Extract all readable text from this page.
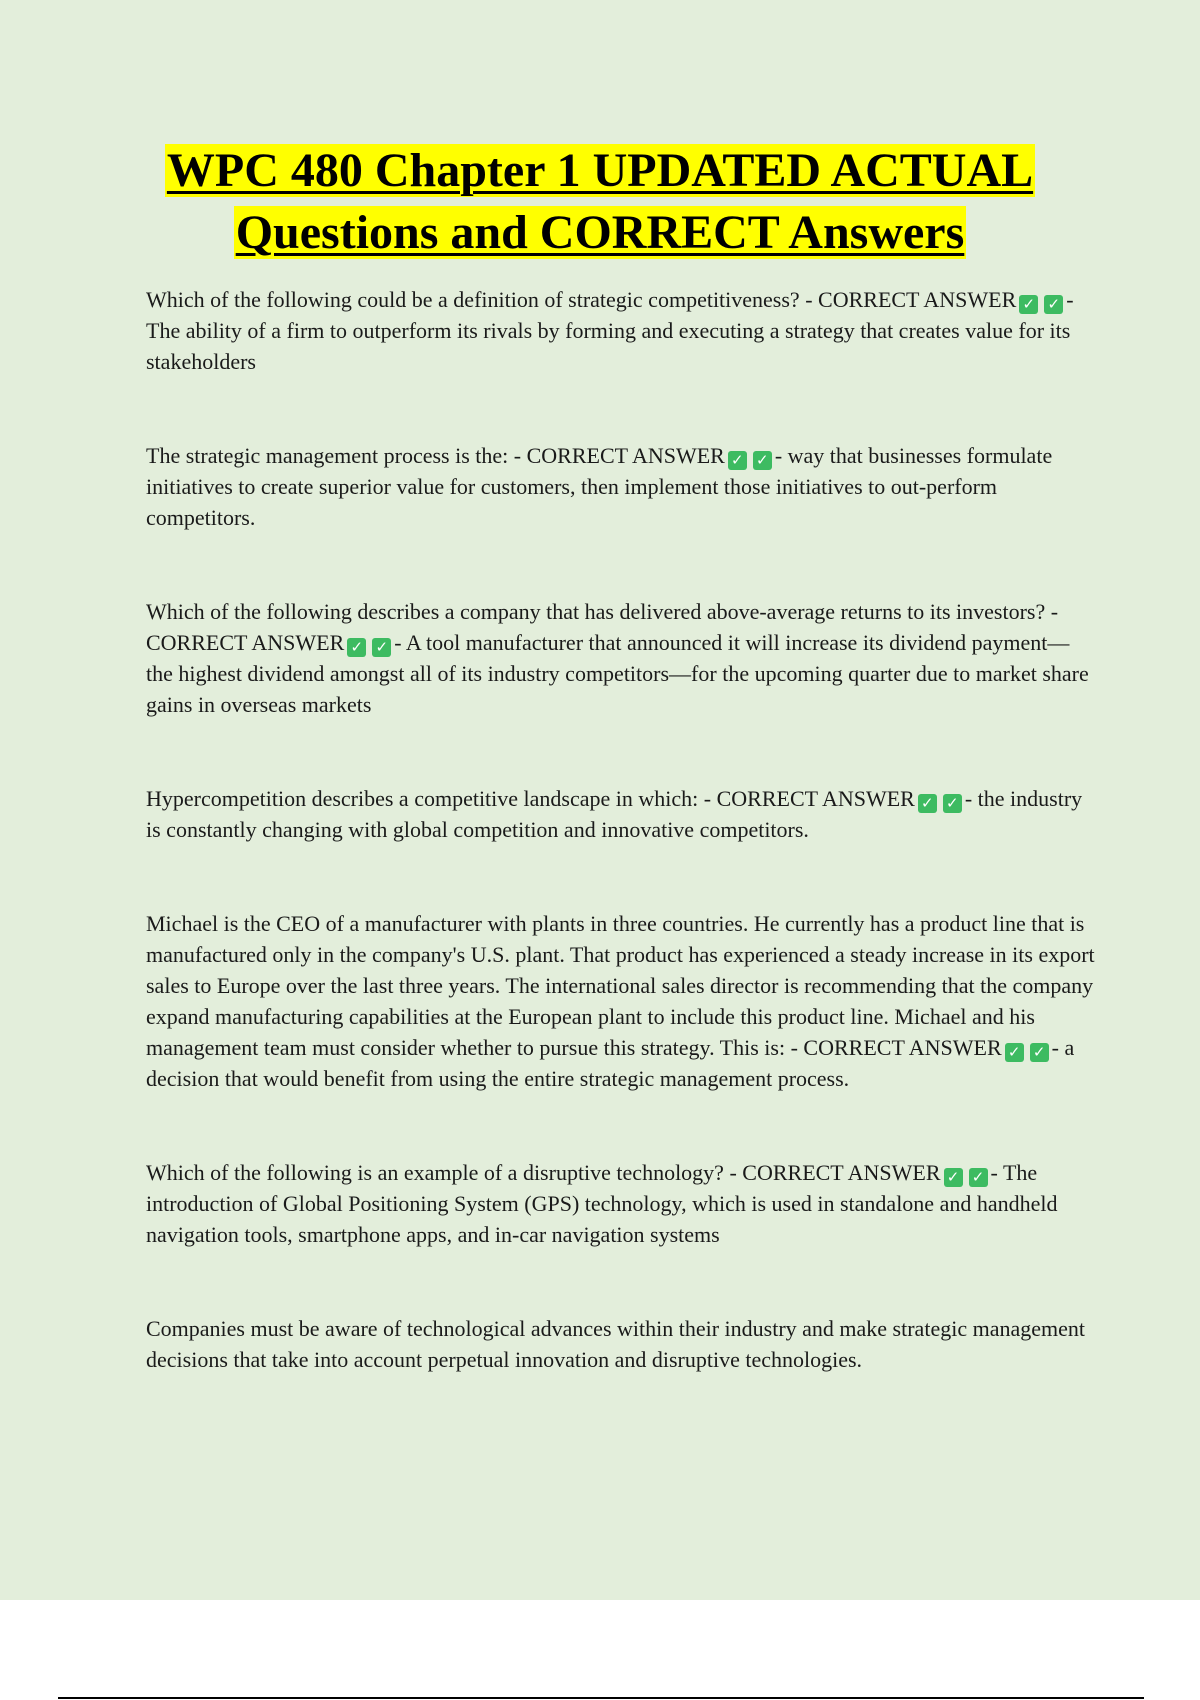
WPC 480 Chapter 1 UPDATED ACTUAL
Questions and CORRECT Answers

Which of the following could be a definition of strategic competitiveness? - CORRECT ANSWER ✓ ✓ - The ability of a firm to outperform its rivals by forming and executing a strategy that creates value for its stakeholders

The strategic management process is the: - CORRECT ANSWER ✓ ✓ - way that businesses formulate initiatives to create superior value for customers, then implement those initiatives to out-perform competitors.

Which of the following describes a company that has delivered above-average returns to its investors? - CORRECT ANSWER ✓ ✓ - A tool manufacturer that announced it will increase its dividend payment—the highest dividend amongst all of its industry competitors—for the upcoming quarter due to market share gains in overseas markets

Hypercompetition describes a competitive landscape in which: - CORRECT ANSWER ✓ ✓ - the industry is constantly changing with global competition and innovative competitors.

Michael is the CEO of a manufacturer with plants in three countries. He currently has a product line that is manufactured only in the company's U.S. plant. That product has experienced a steady increase in its export sales to Europe over the last three years. The international sales director is recommending that the company expand manufacturing capabilities at the European plant to include this product line. Michael and his management team must consider whether to pursue this strategy. This is: - CORRECT ANSWER ✓ ✓ - a decision that would benefit from using the entire strategic management process.

Which of the following is an example of a disruptive technology? - CORRECT ANSWER ✓ ✓ - The introduction of Global Positioning System (GPS) technology, which is used in standalone and handheld navigation tools, smartphone apps, and in-car navigation systems

Companies must be aware of technological advances within their industry and make strategic management decisions that take into account perpetual innovation and disruptive technologies.
